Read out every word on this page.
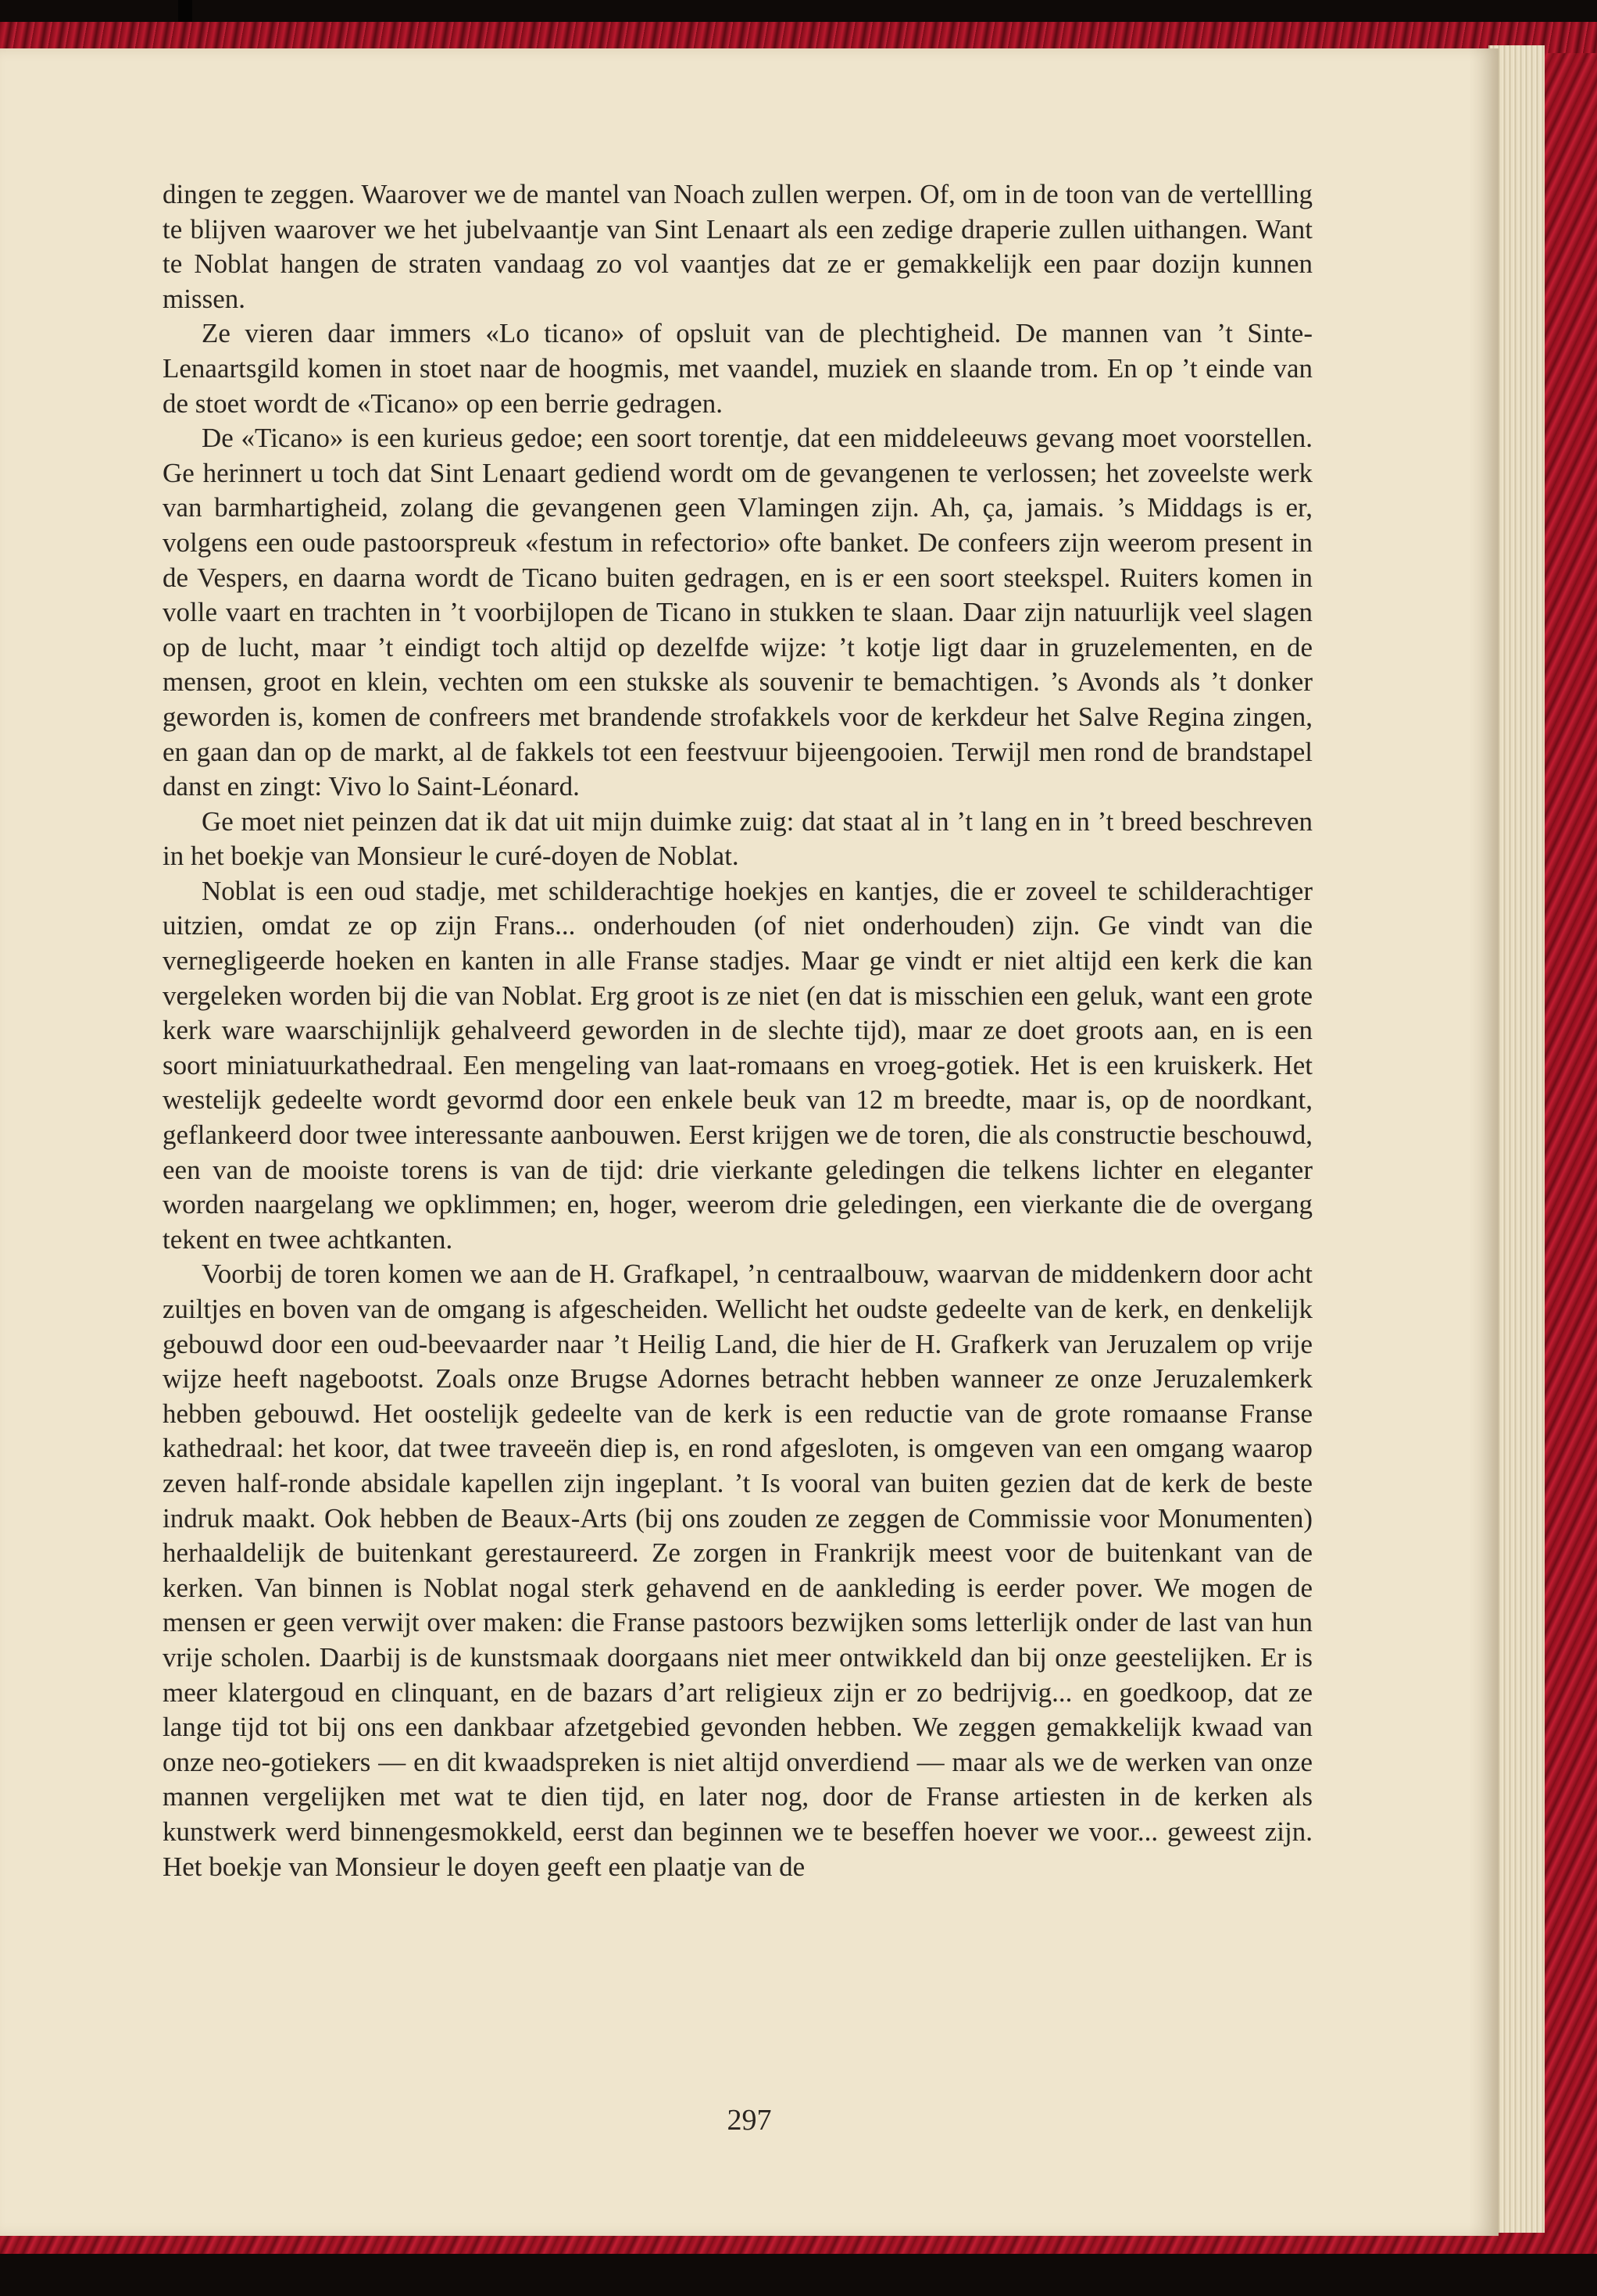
dingen te zeggen. Waarover we de mantel van Noach zullen werpen. Of, om in de toon van de vertellling te blijven waarover we het jubelvaantje van Sint Lenaart als een zedige draperie zullen uithangen. Want te Noblat hangen de straten vandaag zo vol vaantjes dat ze er gemakkelijk een paar dozijn kunnen missen.

Ze vieren daar immers «Lo ticano» of opsluit van de plechtigheid. De mannen van ’t Sinte-Lenaartsgild komen in stoet naar de hoogmis, met vaandel, muziek en slaande trom. En op ’t einde van de stoet wordt de «Ticano» op een berrie gedragen.

De «Ticano» is een kurieus gedoe; een soort torentje, dat een middeleeuws gevang moet voorstellen. Ge herinnert u toch dat Sint Lenaart gediend wordt om de gevangenen te verlossen; het zoveelste werk van barmhartigheid, zolang die gevangenen geen Vlamingen zijn. Ah, ça, jamais. ’s Middags is er, volgens een oude pastoorspreuk «festum in refectorio» ofte banket. De confeers zijn weerom present in de Vespers, en daarna wordt de Ticano buiten gedragen, en is er een soort steekspel. Ruiters komen in volle vaart en trachten in ’t voorbijlopen de Ticano in stukken te slaan. Daar zijn natuurlijk veel slagen op de lucht, maar ’t eindigt toch altijd op dezelfde wijze: ’t kotje ligt daar in gruzelementen, en de mensen, groot en klein, vechten om een stukske als souvenir te bemachtigen. ’s Avonds als ’t donker geworden is, komen de confreers met brandende strofakkels voor de kerkdeur het Salve Regina zingen, en gaan dan op de markt, al de fakkels tot een feestvuur bijeengooien. Terwijl men rond de brandstapel danst en zingt: Vivo lo Saint-Léonard.

Ge moet niet peinzen dat ik dat uit mijn duimke zuig: dat staat al in ’t lang en in ’t breed beschreven in het boekje van Monsieur le curé-doyen de Noblat.

Noblat is een oud stadje, met schilderachtige hoekjes en kantjes, die er zoveel te schilderachtiger uitzien, omdat ze op zijn Frans... onderhouden (of niet onderhouden) zijn. Ge vindt van die vernegligeerde hoeken en kanten in alle Franse stadjes. Maar ge vindt er niet altijd een kerk die kan vergeleken worden bij die van Noblat. Erg groot is ze niet (en dat is misschien een geluk, want een grote kerk ware waarschijnlijk gehalveerd geworden in de slechte tijd), maar ze doet groots aan, en is een soort miniatuurkathedraal. Een mengeling van laat-romaans en vroeg-gotiek. Het is een kruiskerk. Het westelijk gedeelte wordt gevormd door een enkele beuk van 12 m breedte, maar is, op de noordkant, geflankeerd door twee interessante aanbouwen. Eerst krijgen we de toren, die als constructie beschouwd, een van de mooiste torens is van de tijd: drie vierkante geledingen die telkens lichter en eleganter worden naargelang we opklimmen; en, hoger, weerom drie geledingen, een vierkante die de overgang tekent en twee achtkanten.

Voorbij de toren komen we aan de H. Grafkapel, ’n centraalbouw, waarvan de middenkern door acht zuiltjes en boven van de omgang is afgescheiden. Wellicht het oudste gedeelte van de kerk, en denkelijk gebouwd door een oud-beevaarder naar ’t Heilig Land, die hier de H. Grafkerk van Jeruzalem op vrije wijze heeft nagebootst. Zoals onze Brugse Adornes betracht hebben wanneer ze onze Jeruzalemkerk hebben gebouwd. Het oostelijk gedeelte van de kerk is een reductie van de grote romaanse Franse kathedraal: het koor, dat twee traveeën diep is, en rond afgesloten, is omgeven van een omgang waarop zeven half-ronde absidale kapellen zijn ingeplant. ’t Is vooral van buiten gezien dat de kerk de beste indruk maakt. Ook hebben de Beaux-Arts (bij ons zouden ze zeggen de Commissie voor Monumenten) herhaaldelijk de buitenkant gerestaureerd. Ze zorgen in Frankrijk meest voor de buitenkant van de kerken. Van binnen is Noblat nogal sterk gehavend en de aankleding is eerder pover. We mogen de mensen er geen verwijt over maken: die Franse pastoors bezwijken soms letterlijk onder de last van hun vrije scholen. Daarbij is de kunstsmaak doorgaans niet meer ontwikkeld dan bij onze geestelijken. Er is meer klatergoud en clinquant, en de bazars d’art religieux zijn er zo bedrijvig... en goedkoop, dat ze lange tijd tot bij ons een dankbaar afzetgebied gevonden hebben. We zeggen gemakkelijk kwaad van onze neo-gotiekers — en dit kwaadspreken is niet altijd onverdiend — maar als we de werken van onze mannen vergelijken met wat te dien tijd, en later nog, door de Franse artiesten in de kerken als kunstwerk werd binnengesmokkeld, eerst dan beginnen we te beseffen hoever we voor... geweest zijn. Het boekje van Monsieur le doyen geeft een plaatje van de

297
